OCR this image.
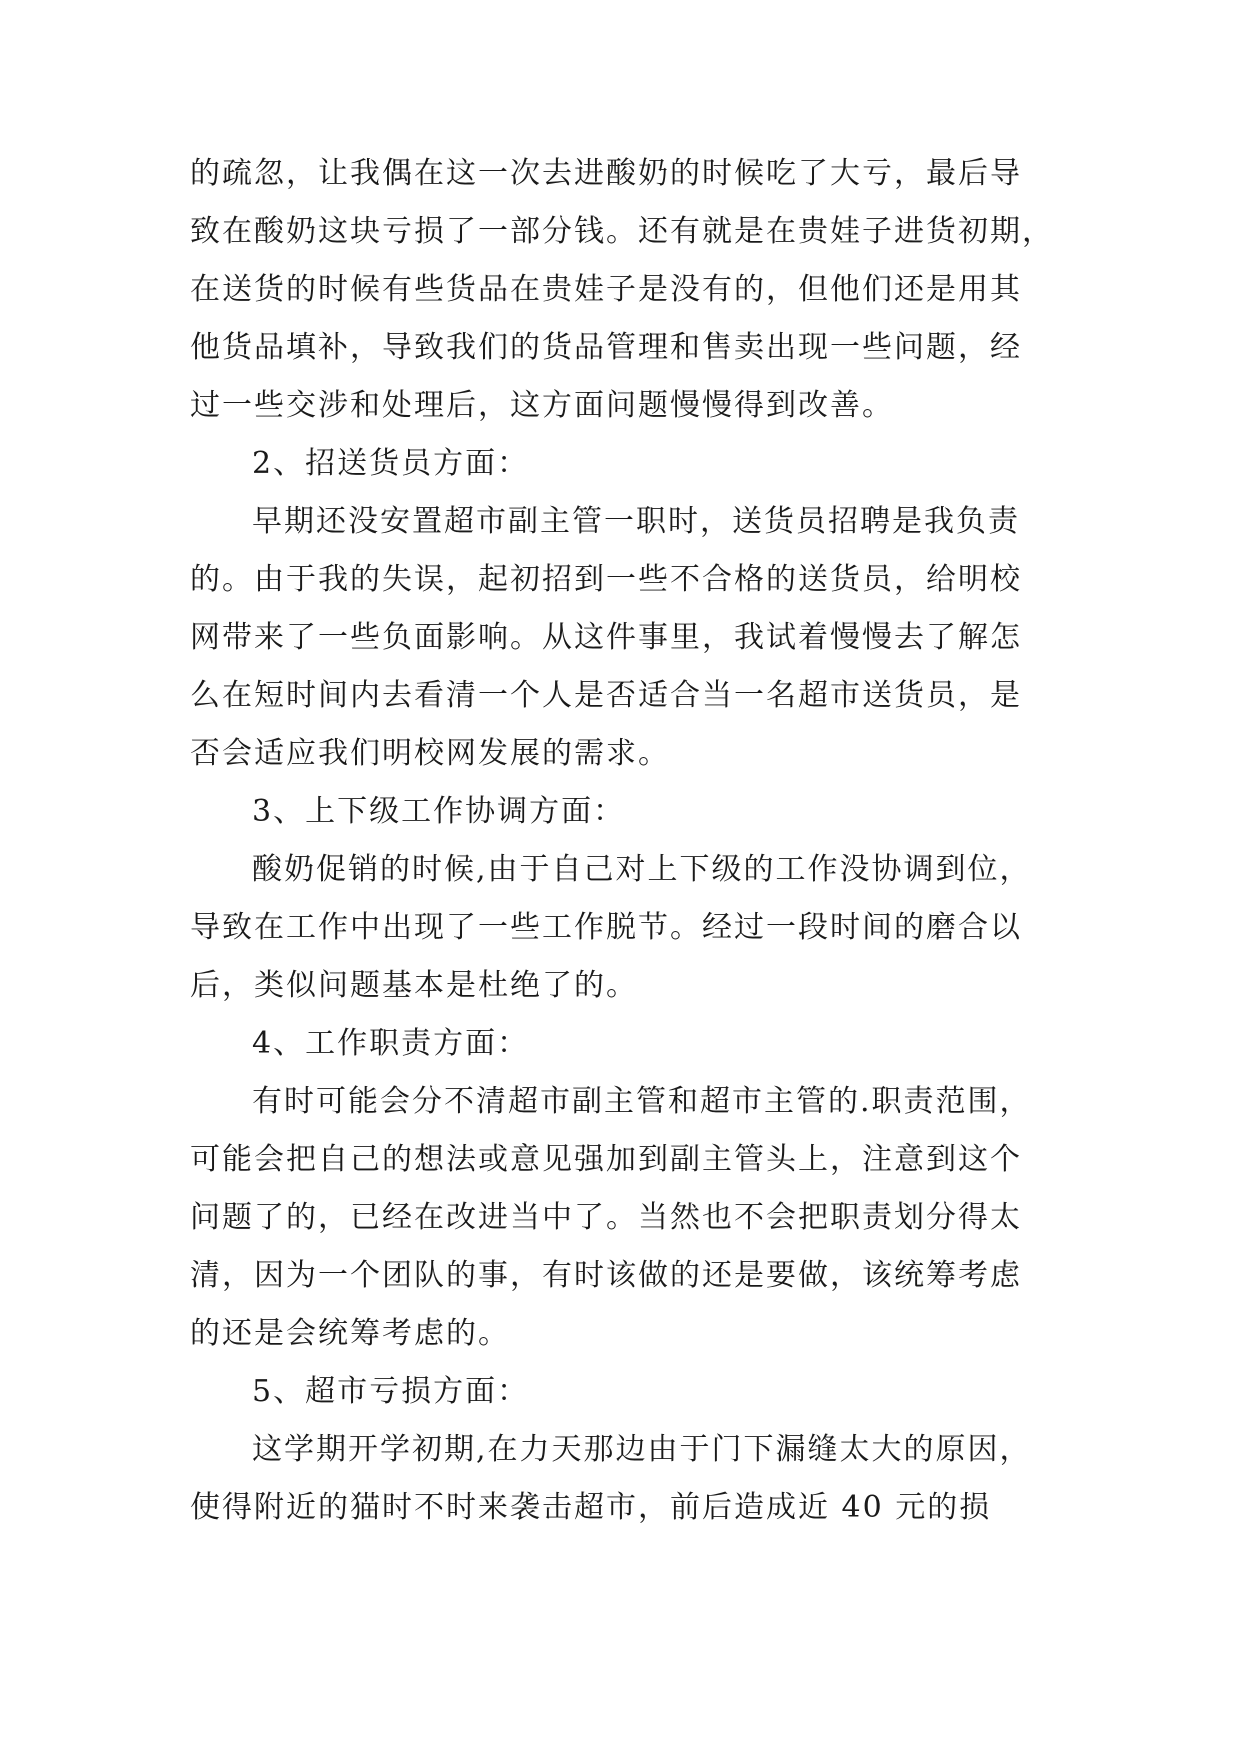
的疏忽，让我偶在这一次去进酸奶的时候吃了大亏，最后导
致在酸奶这块亏损了一部分钱。还有就是在贵娃子进货初期，
在送货的时候有些货品在贵娃子是没有的，但他们还是用其
他货品填补，导致我们的货品管理和售卖出现一些问题，经
过一些交涉和处理后，这方面问题慢慢得到改善。
2、招送货员方面：
早期还没安置超市副主管一职时，送货员招聘是我负责
的。由于我的失误，起初招到一些不合格的送货员，给明校
网带来了一些负面影响。从这件事里，我试着慢慢去了解怎
么在短时间内去看清一个人是否适合当一名超市送货员，是
否会适应我们明校网发展的需求。
3、上下级工作协调方面：
酸奶促销的时候,由于自己对上下级的工作没协调到位，
导致在工作中出现了一些工作脱节。经过一段时间的磨合以
后，类似问题基本是杜绝了的。
4、工作职责方面：
有时可能会分不清超市副主管和超市主管的.职责范围，
可能会把自己的想法或意见强加到副主管头上，注意到这个
问题了的，已经在改进当中了。当然也不会把职责划分得太
清，因为一个团队的事，有时该做的还是要做，该统筹考虑
的还是会统筹考虑的。
5、超市亏损方面：
这学期开学初期,在力天那边由于门下漏缝太大的原因，
使得附近的猫时不时来袭击超市，前后造成近 40 元的损
